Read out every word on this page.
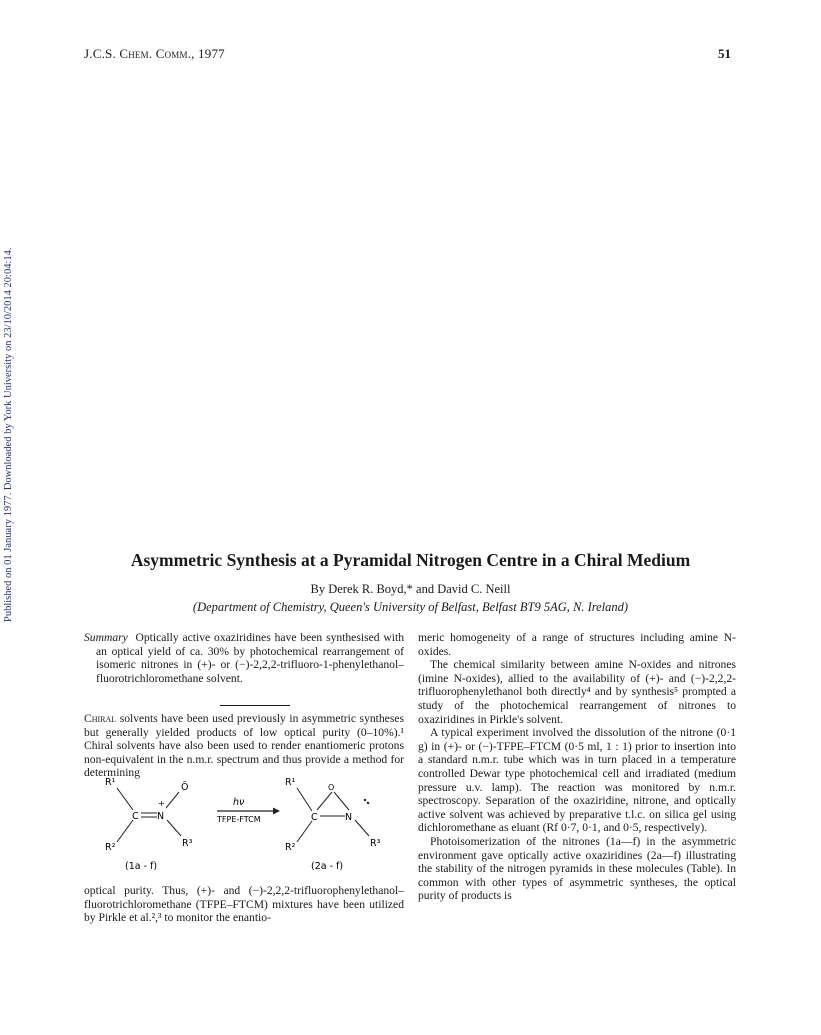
J.C.S. Chem. Comm., 1977	51
Published on 01 January 1977. Downloaded by York University on 23/10/2014 20:04:14.	Asymmetric Synthesis at a Pyramidal Nitrogen Centre in a Chiral Medium
By Derek R. Boyd,* and David C. Neill
(Department of Chemistry, Queen's University of Belfast, Belfast BT9 5AG, N. Ireland)

Summary Optically active oxaziridines have been synthesised with an optical yield of ca. 30% by photochemical rearrangement of isomeric nitrones in (+)- or (−)-2,2,2-trifluoro-1-phenylethanol–fluorotrichloromethane solvent.

Chiral solvents have been used previously in asymmetric syntheses but generally yielded products of low optical purity (0–10%).¹ Chiral solvents have also been used to render enantiomeric protons non-equivalent in the n.m.r. spectrum and thus provide a method for determining

R¹
R²
C N
+
Ō
R³
(1a - f)
hν
TFPE-FTCM
R¹
R²
C	N
O
R³
(2a - f)

optical purity. Thus, (+)- and (−)-2,2,2-trifluorophenylethanol–fluorotrichloromethane (TFPE–FTCM) mixtures have been utilized by Pirkle et al.²,³ to monitor the enantio-

meric homogeneity of a range of structures including amine N-oxides.

The chemical similarity between amine N-oxides and nitrones (imine N-oxides), allied to the availability of (+)- and (−)-2,2,2-trifluorophenylethanol both directly⁴ and by synthesis⁵ prompted a study of the photochemical rearrangement of nitrones to oxaziridines in Pirkle's solvent.

A typical experiment involved the dissolution of the nitrone (0·1 g) in (+)- or (−)-TFPE–FTCM (0·5 ml, 1 : 1) prior to insertion into a standard n.m.r. tube which was in turn placed in a temperature controlled Dewar type photochemical cell and irradiated (medium pressure u.v. lamp). The reaction was monitored by n.m.r. spectroscopy. Separation of the oxaziridine, nitrone, and optically active solvent was achieved by preparative t.l.c. on silica gel using dichloromethane as eluant (Rf 0·7, 0·1, and 0·5, respectively).

Photoisomerization of the nitrones (1a—f) in the asymmetric environment gave optically active oxaziridines (2a—f) illustrating the stability of the nitrogen pyramids in these molecules (Table). In common with other types of asymmetric syntheses, the optical purity of products is
